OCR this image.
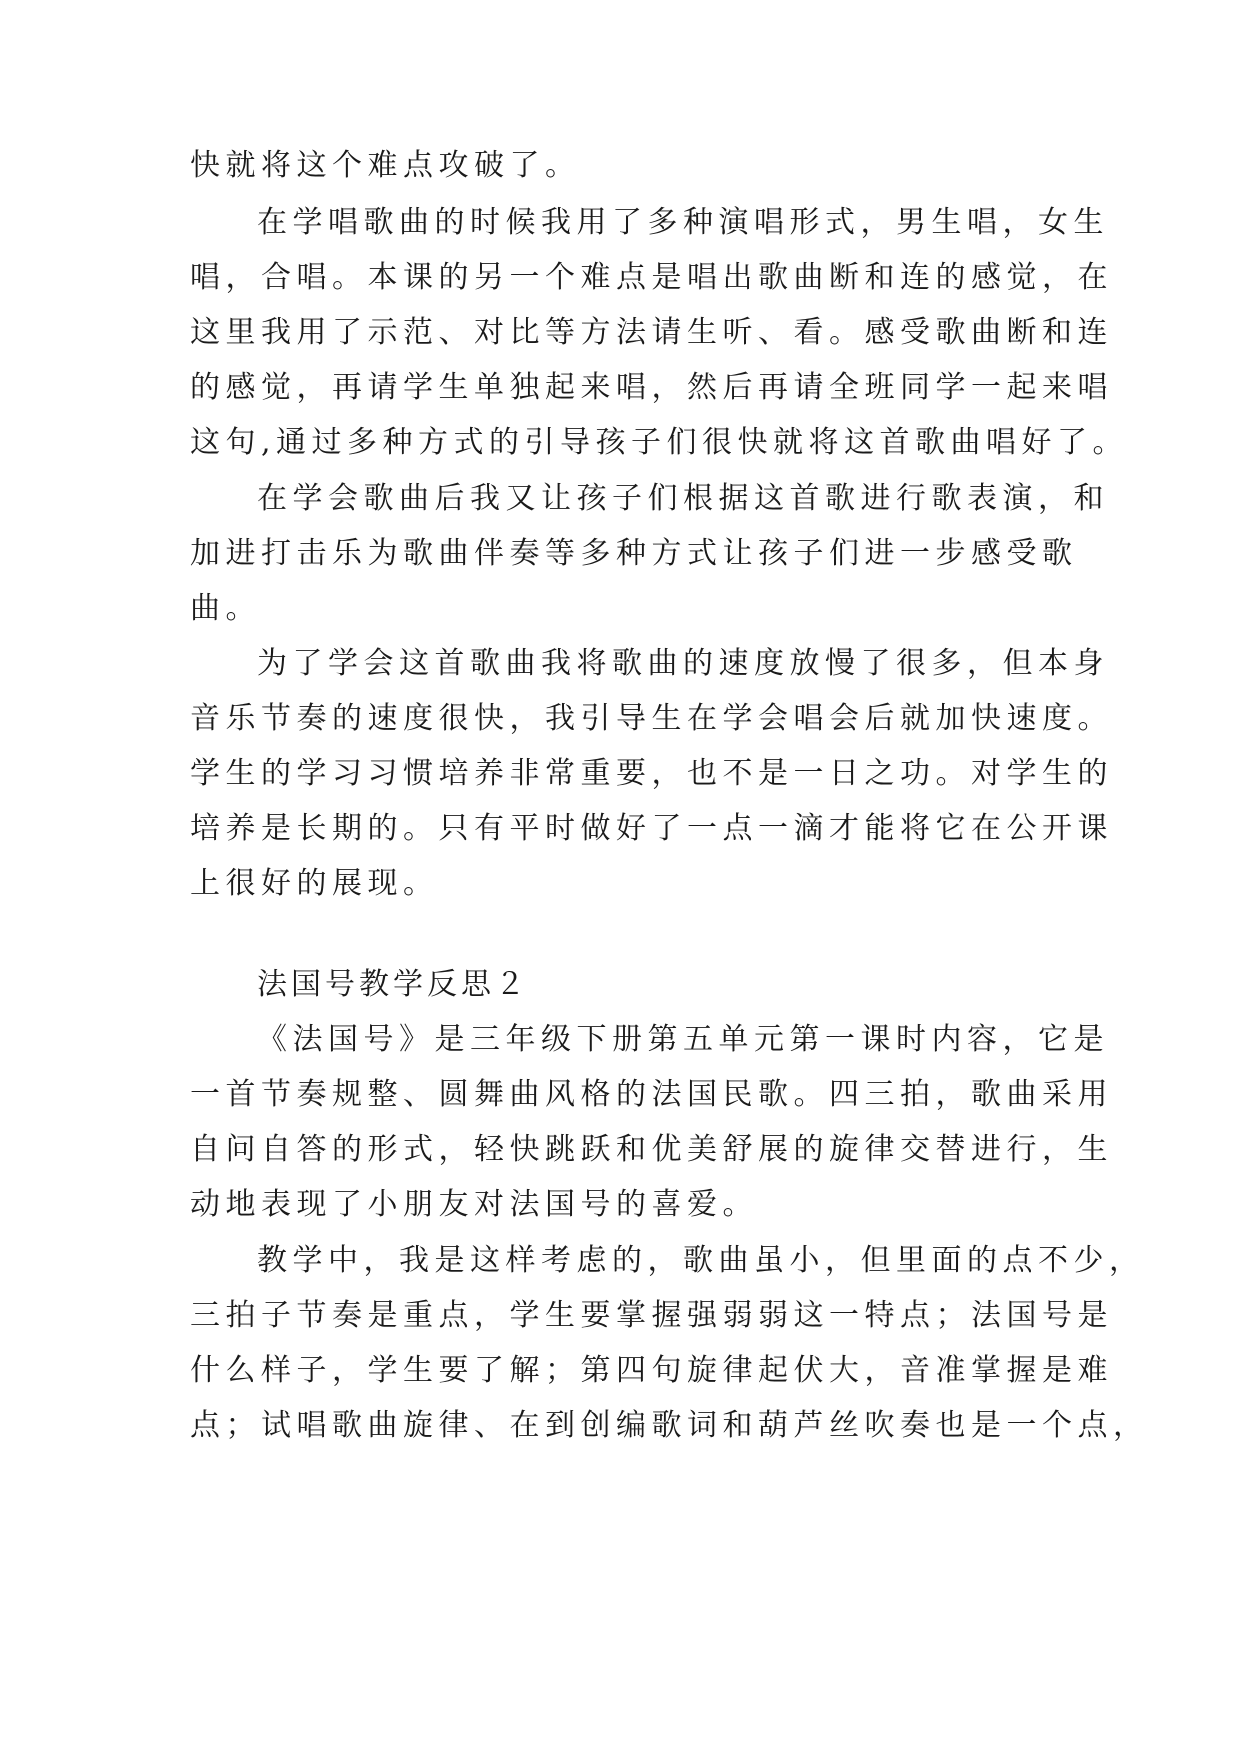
快就将这个难点攻破了。
在学唱歌曲的时候我用了多种演唱形式，男生唱，女生
唱，合唱。本课的另一个难点是唱出歌曲断和连的感觉，在
这里我用了示范、对比等方法请生听、看。感受歌曲断和连
的感觉，再请学生单独起来唱，然后再请全班同学一起来唱
这句,通过多种方式的引导孩子们很快就将这首歌曲唱好了。
在学会歌曲后我又让孩子们根据这首歌进行歌表演，和
加进打击乐为歌曲伴奏等多种方式让孩子们进一步感受歌
曲。
为了学会这首歌曲我将歌曲的速度放慢了很多，但本身
音乐节奏的速度很快，我引导生在学会唱会后就加快速度。
学生的学习习惯培养非常重要，也不是一日之功。对学生的
培养是长期的。只有平时做好了一点一滴才能将它在公开课
上很好的展现。
法国号教学反思２
《法国号》是三年级下册第五单元第一课时内容，它是
一首节奏规整、圆舞曲风格的法国民歌。四三拍，歌曲采用
自问自答的形式，轻快跳跃和优美舒展的旋律交替进行，生
动地表现了小朋友对法国号的喜爱。
教学中，我是这样考虑的，歌曲虽小，但里面的点不少，
三拍子节奏是重点，学生要掌握强弱弱这一特点；法国号是
什么样子，学生要了解；第四句旋律起伏大，音准掌握是难
点；试唱歌曲旋律、在到创编歌词和葫芦丝吹奏也是一个点，
